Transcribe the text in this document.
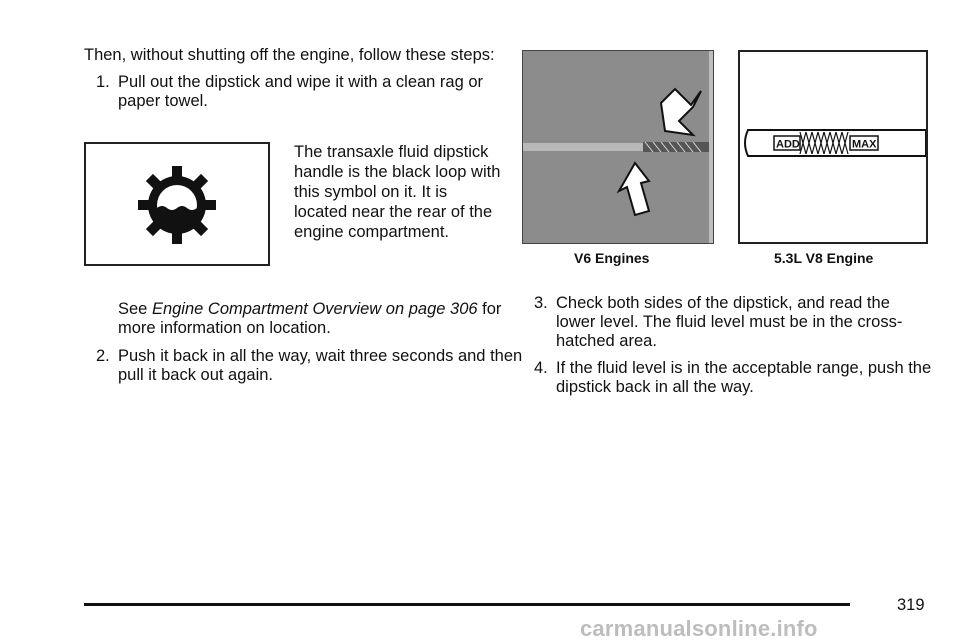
Then, without shutting off the engine, follow these steps:

1. Pull out the dipstick and wipe it with a clean rag or paper towel.
The transaxle fluid dipstick handle is the black loop with this symbol on it. It is located near the rear of the engine compartment.
See Engine Compartment Overview on page 306 for more information on location.
2. Push it back in all the way, wait three seconds and then pull it back out again.
ADD	MAX
V6 Engines	5.3L V8 Engine
3. Check both sides of the dipstick, and read the lower level. The fluid level must be in the cross-hatched area.
4. If the fluid level is in the acceptable range, push the dipstick back in all the way.
319
carmanualsonline.info
